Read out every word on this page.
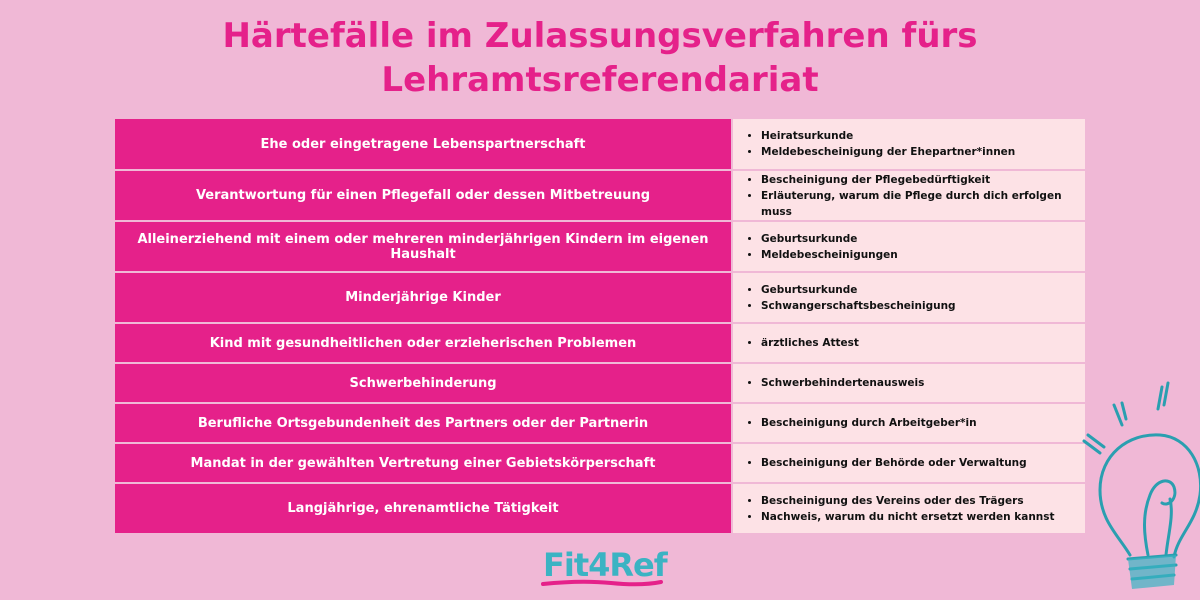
Härtefälle im Zulassungsverfahren fürs
Lehramtsreferendariat
Ehe oder eingetragene Lebenspartnerschaft
• Heiratsurkunde
• Meldebescheinigung der Ehepartner*innen
Verantwortung für einen Pflegefall oder dessen Mitbetreuung
• Bescheinigung der Pflegebedürftigkeit
• Erläuterung, warum die Pflege durch dich erfolgen muss
Alleinerziehend mit einem oder mehreren minderjährigen Kindern im eigenen Haushalt
• Geburtsurkunde
• Meldebescheinigungen
Minderjährige Kinder
• Geburtsurkunde
• Schwangerschaftsbescheinigung
Kind mit gesundheitlichen oder erzieherischen Problemen	• ärztliches Attest
Schwerbehinderung	• Schwerbehindertenausweis
Berufliche Ortsgebundenheit des Partners oder der Partnerin	• Bescheinigung durch Arbeitgeber*in
Mandat in der gewählten Vertretung einer Gebietskörperschaft	• Bescheinigung der Behörde oder Verwaltung
Langjährige, ehrenamtliche Tätigkeit
• Bescheinigung des Vereins oder des Trägers
• Nachweis, warum du nicht ersetzt werden kannst
Fit4Ref
